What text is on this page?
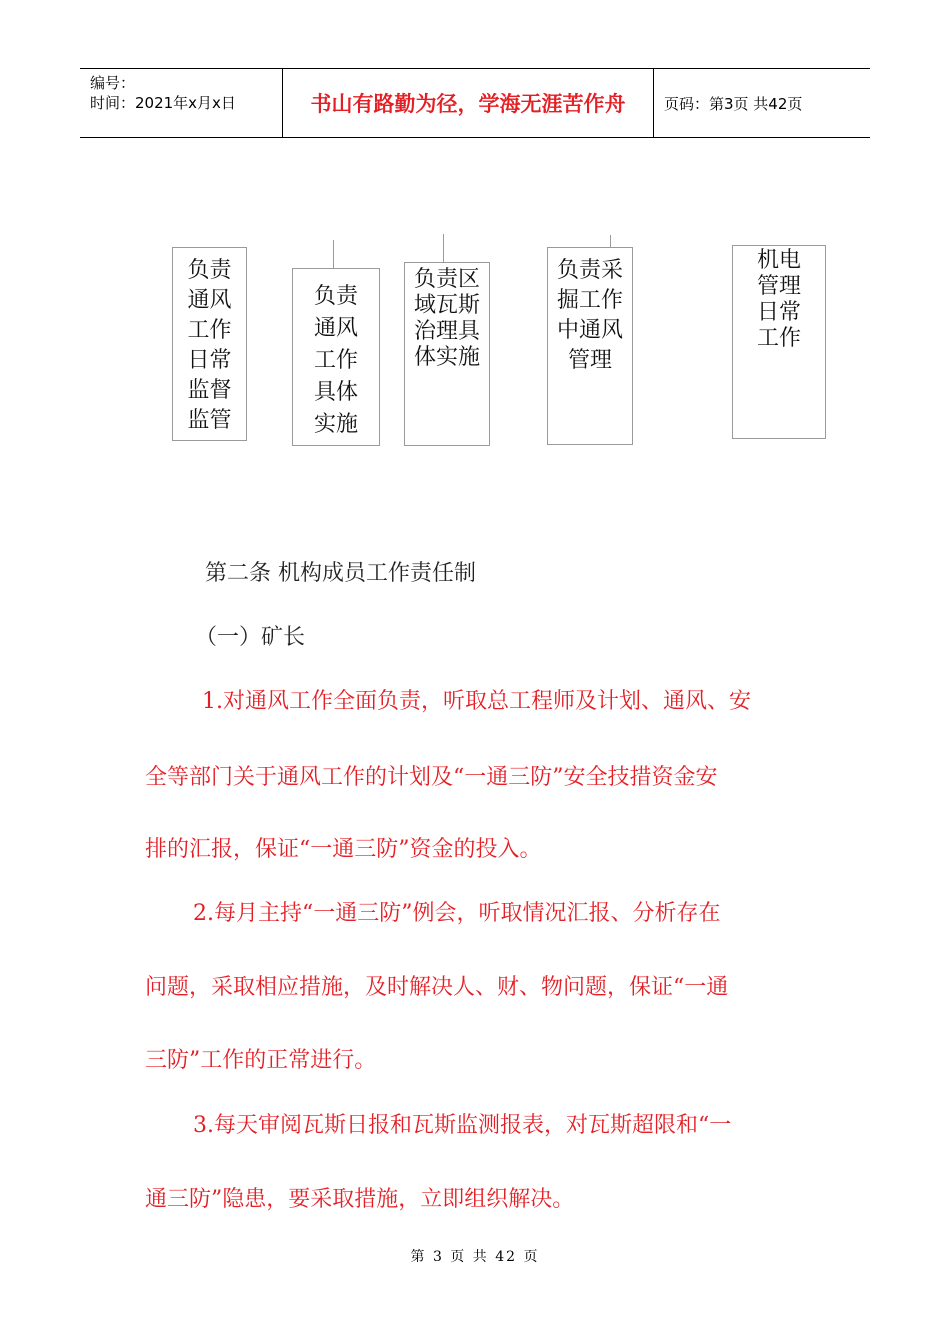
编号：
时间：2021年x月x日	书山有路勤为径，学海无涯苦作舟	页码：第3页 共42页
负责
通风
工作
日常
监督
监管
负责
通风
工作
具体
实施
负责区
域瓦斯
治理具
体实施
负责采
掘工作
中通风
管理
机电
管理
日常
工作
第二条 机构成员工作责任制
（一）矿长
1.对通风工作全面负责，听取总工程师及计划、通风、安
全等部门关于通风工作的计划及“一通三防”安全技措资金安
排的汇报，保证“一通三防”资金的投入。
2.每月主持“一通三防”例会，听取情况汇报、分析存在
问题，采取相应措施，及时解决人、财、物问题，保证“一通
三防”工作的正常进行。
3.每天审阅瓦斯日报和瓦斯监测报表，对瓦斯超限和“一
通三防”隐患，要采取措施，立即组织解决。
第 3 页 共 42 页
